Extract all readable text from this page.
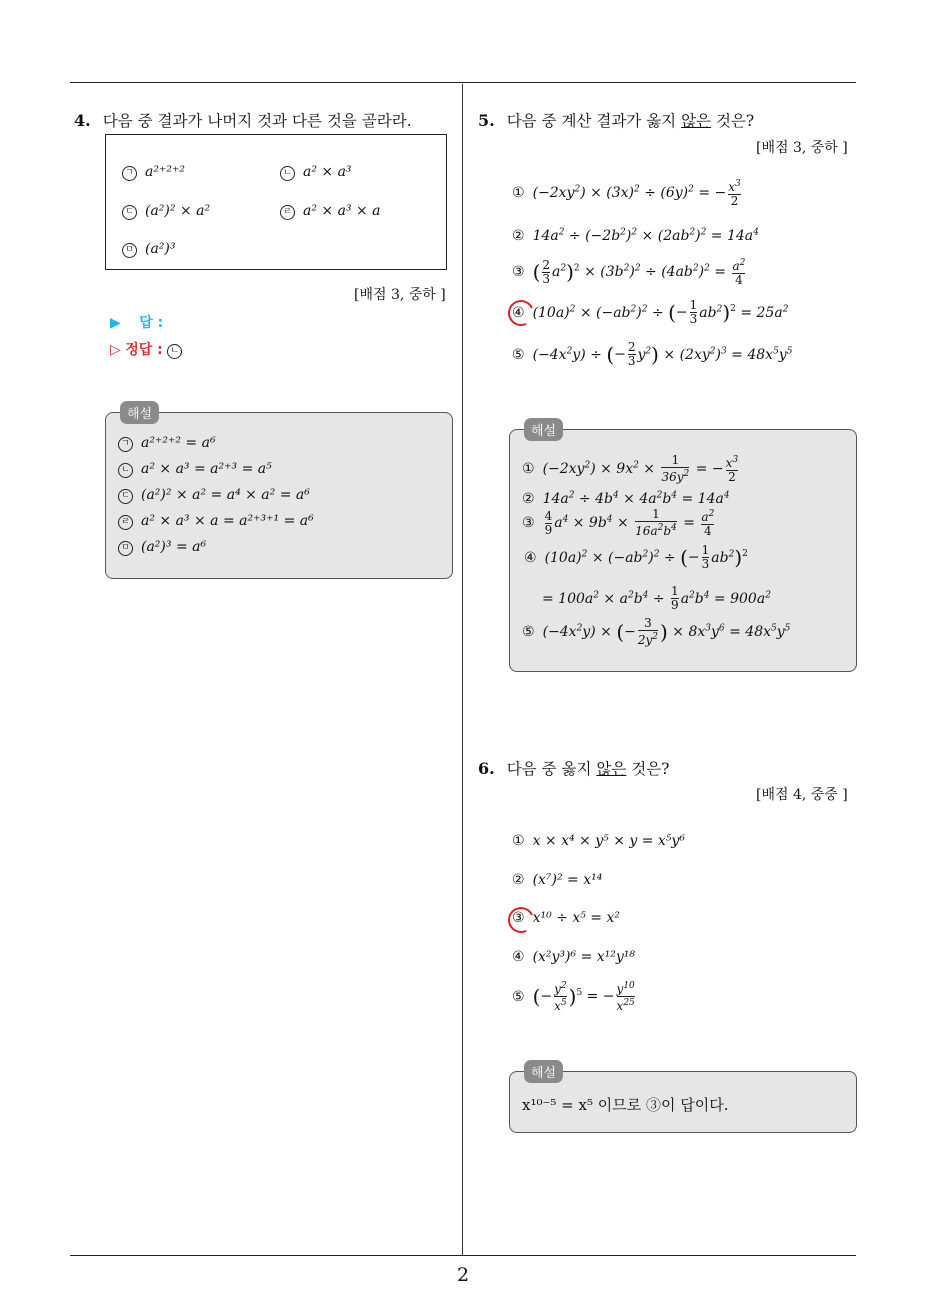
2
4. 다음 중 결과가 나머지 것과 다른 것을 골라라.
ㄱ a²⁺²⁺²	ㄴ a² × a³
ㄷ (a²)² × a²	ㄹ a² × a³ × a
ㅁ (a²)³
[배점 3, 중하 ]
▶ 답 :
▷ 정답 : ㄴ
해설
ㄱ a²⁺²⁺² = a⁶
ㄴ a² × a³ = a²⁺³ = a⁵
ㄷ (a²)² × a² = a⁴ × a² = a⁶
ㄹ a² × a³ × a = a²⁺³⁺¹ = a⁶
ㅁ (a²)³ = a⁶
5. 다음 중 계산 결과가 옳지 않은 것은?
[배점 3, 중하 ]
① $(-2xy^2) \times (3x)^2 \div (6y)^2$ = − $\frac{x^3}{2}$
② $14a^2 \div (-2b^2)^2 \times (2ab^2)^2 = 14a^4$
③ ( $\frac{2}{3} a^2)^2 \times (3b^2)^2 \div (4ab^2)^2 = \frac{a^2}{4}$
④ $(10a)^2 \times (-ab^2)^2$ ÷ (− $\frac{1}{3} ab^2)^2 = 25a^2$
⑤ $(-4x^2y)$ ÷ (− $\frac{2}{3} y^2) \times (2xy^2)^3 = 48x^5y^5$
해설
① $(-2xy^2) \times 9x^2 \times \frac{1}{36y^2}$ = − $\frac{x^3}{2}$
② $14a^2 \div 4b^4 \times 4a^2b^4 = 14a^4$
③ $\frac{4}{9} a^4 \times 9b^4 \times \frac{1}{16a^2b^4} = \frac{a^2}{4}$
④ $(10a)^2 \times (-ab^2)^2$ ÷ (− $\frac{1}{3} ab^2)^2$
= $100a^2 \times a^2b^4 \div \frac{1}{9} a^2b^4 = 900a^2$
⑤ $(-4x^2y)$ × (− $\frac{3}{2y^2}$ ) × $8x^3y^6 = 48x^5y^5$
6. 다음 중 옳지 않은 것은?
[배점 4, 중중 ]
① x × x⁴ × y⁵ × y = x⁵y⁶
② (x⁷)² = x¹⁴
③ x¹⁰ ÷ x⁵ = x²
④ (x²y³)⁶ = x¹²y¹⁸
⑤ (− $\frac{y^2}{x^5} )^5$ = − $\frac{y^{10}}{x^{25}}$
해설
x¹⁰⁻⁵ = x⁵ 이므로 ③이 답이다.
